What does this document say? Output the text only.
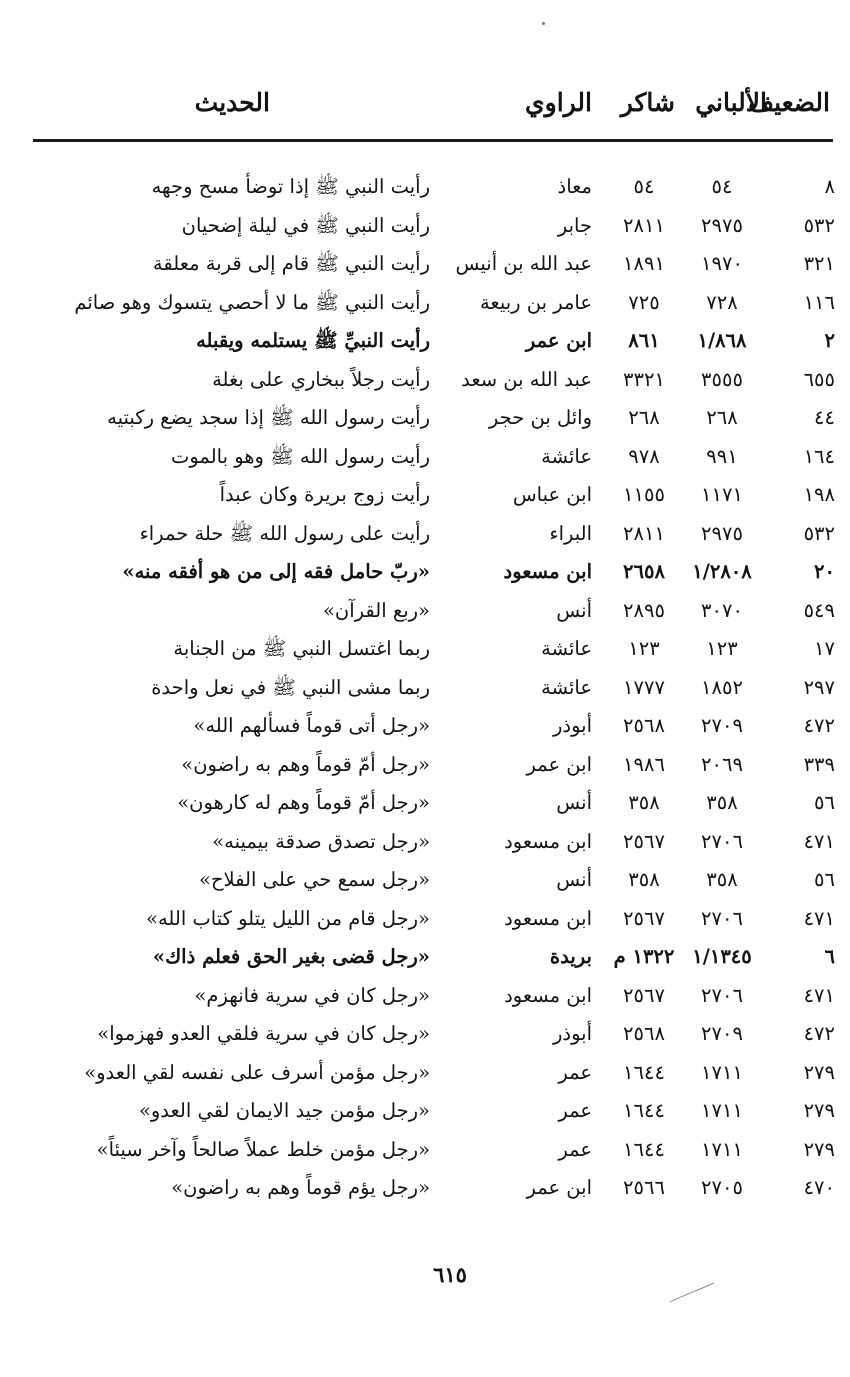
الضعيف
الألباني
شاكر
الراوي
الحديث
٨
٥٤
٥٤
معاذ
رأيت النبي ﷺ إذا توضأ مسح وجهه
٥٣٢
٢٩٧٥
٢٨١١
جابر
رأيت النبي ﷺ في ليلة إضحيان
٣٢١
١٩٧٠
١٨٩١
عبد الله بن أنيس
رأيت النبي ﷺ قام إلى قربة معلقة
١١٦
٧٢٨
٧٢٥
عامر بن ربيعة
رأيت النبي ﷺ ما لا أحصي يتسوك وهو صائم
٢
١/٨٦٨
٨٦١
ابن عمر
رأيت النبيِّ ﷺ يستلمه ويقبله
٦٥٥
٣٥٥٥
٣٣٢١
عبد الله بن سعد
رأيت رجلاً ببخاري على بغلة
٤٤
٢٦٨
٢٦٨
وائل بن حجر
رأيت رسول الله ﷺ إذا سجد يضع ركبتيه
١٦٤
٩٩١
٩٧٨
عائشة
رأيت رسول الله ﷺ وهو بالموت
١٩٨
١١٧١
١١٥٥
ابن عباس
رأيت زوج بريرة وكان عبداً
٥٣٢
٢٩٧٥
٢٨١١
البراء
رأيت على رسول الله ﷺ حلة حمراء
٢٠
١/٢٨٠٨
٢٦٥٨
ابن مسعود
«ربّ حامل فقه إلى من هو أفقه منه»
٥٤٩
٣٠٧٠
٢٨٩٥
أنس
«ربع القرآن»
١٧
١٢٣
١٢٣
عائشة
ربما اغتسل النبي ﷺ من الجنابة
٢٩٧
١٨٥٢
١٧٧٧
عائشة
ربما مشى النبي ﷺ في نعل واحدة
٤٧٢
٢٧٠٩
٢٥٦٨
أبوذر
«رجل أتى قوماً فسألهم الله»
٣٣٩
٢٠٦٩
١٩٨٦
ابن عمر
«رجل أمّ قوماً وهم به راضون»
٥٦
٣٥٨
٣٥٨
أنس
«رجل أمّ قوماً وهم له كارهون»
٤٧١
٢٧٠٦
٢٥٦٧
ابن مسعود
«رجل تصدق صدقة بيمينه»
٥٦
٣٥٨
٣٥٨
أنس
«رجل سمع حي على الفلاح»
٤٧١
٢٧٠٦
٢٥٦٧
ابن مسعود
«رجل قام من الليل يتلو كتاب الله»
٦
١/١٣٤٥
١٣٢٢ م
بريدة
«رجل قضى بغير الحق فعلم ذاك»
٤٧١
٢٧٠٦
٢٥٦٧
ابن مسعود
«رجل كان في سرية فانهزم»
٤٧٢
٢٧٠٩
٢٥٦٨
أبوذر
«رجل كان في سرية فلقي العدو فهزموا»
٢٧٩
١٧١١
١٦٤٤
عمر
«رجل مؤمن أسرف على نفسه لقي العدو»
٢٧٩
١٧١١
١٦٤٤
عمر
«رجل مؤمن جيد الايمان لقي العدو»
٢٧٩
١٧١١
١٦٤٤
عمر
«رجل مؤمن خلط عملاً صالحاً وآخر سيئاً»
٤٧٠
٢٧٠٥
٢٥٦٦
ابن عمر
«رجل يؤم قوماً وهم به راضون»
٦١٥
